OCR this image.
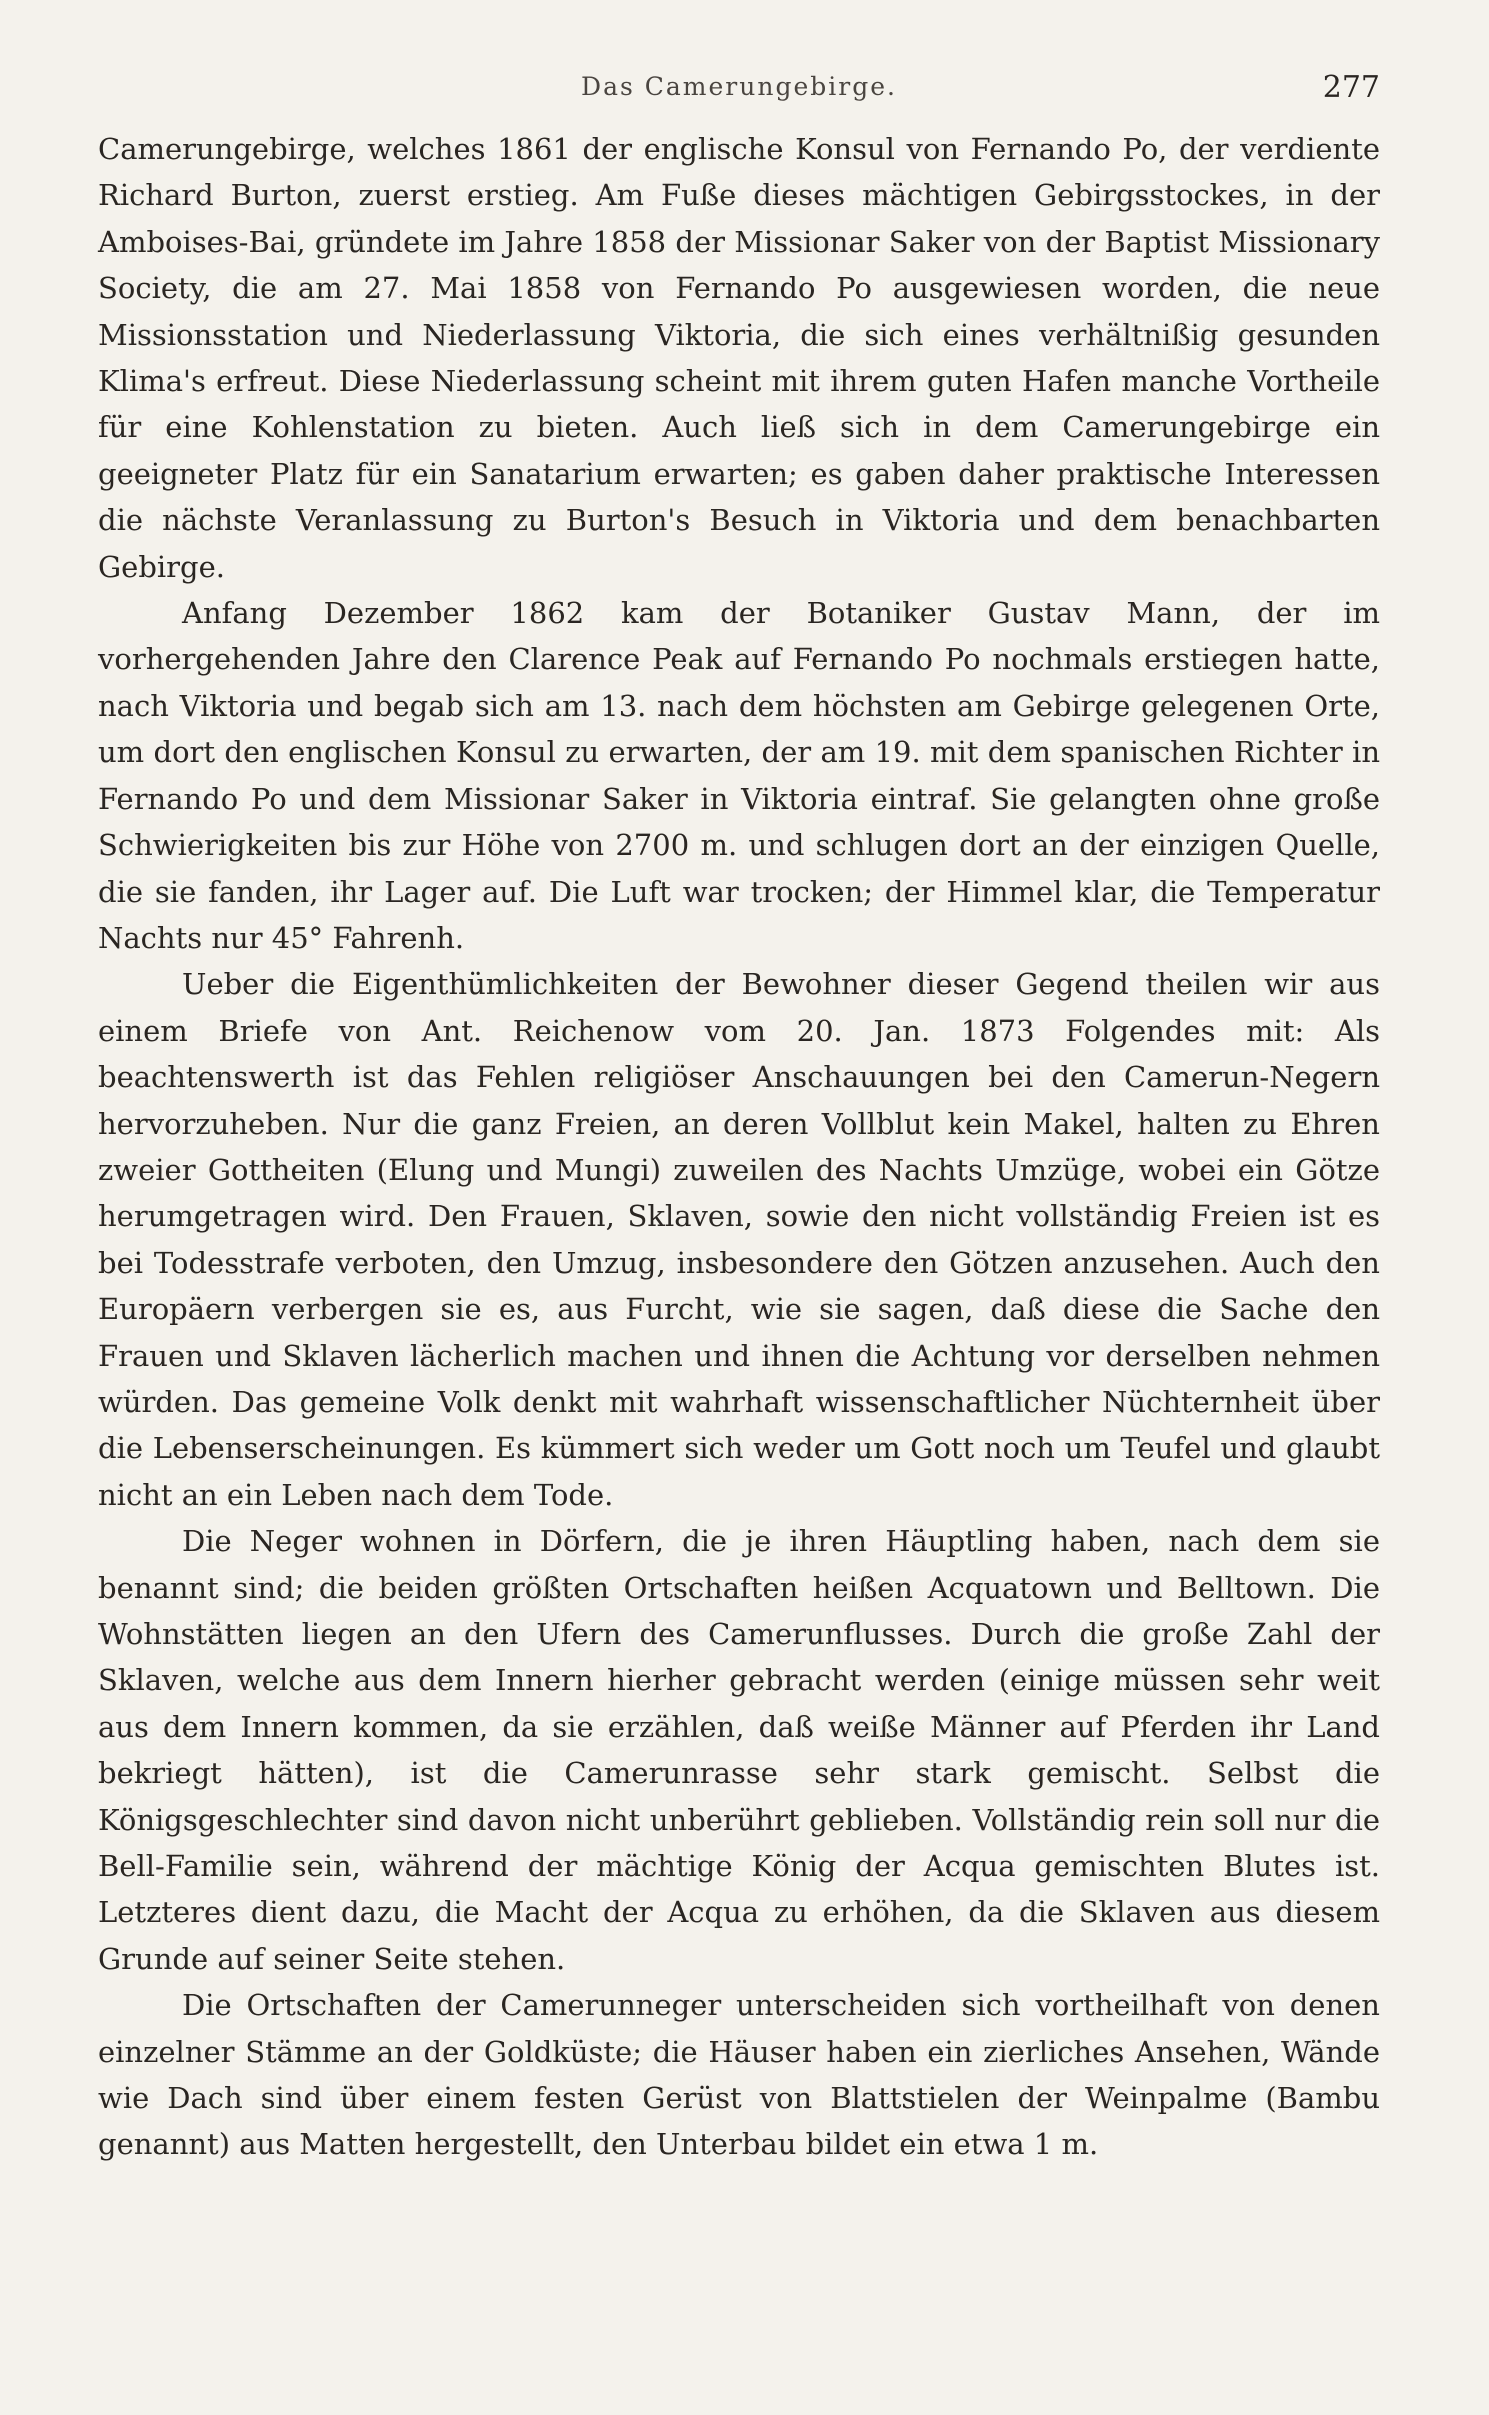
Das Camerungebirge.	277

Camerungebirge, welches 1861 der englische Konsul von Fernando Po, der verdiente Richard Burton, zuerst erstieg. Am Fuße dieses mächtigen Gebirgsstockes, in der Amboises-Bai, gründete im Jahre 1858 der Missionar Saker von der Baptist Missionary Society, die am 27. Mai 1858 von Fernando Po ausgewiesen worden, die neue Missionsstation und Niederlassung Viktoria, die sich eines verhältnißig gesunden Klima's erfreut. Diese Niederlassung scheint mit ihrem guten Hafen manche Vortheile für eine Kohlenstation zu bieten. Auch ließ sich in dem Camerungebirge ein geeigneter Platz für ein Sanatarium erwarten; es gaben daher praktische Interessen die nächste Veranlassung zu Burton's Besuch in Viktoria und dem benachbarten Gebirge.

Anfang Dezember 1862 kam der Botaniker Gustav Mann, der im vorhergehenden Jahre den Clarence Peak auf Fernando Po nochmals erstiegen hatte, nach Viktoria und begab sich am 13. nach dem höchsten am Gebirge gelegenen Orte, um dort den englischen Konsul zu erwarten, der am 19. mit dem spanischen Richter in Fernando Po und dem Missionar Saker in Viktoria eintraf. Sie gelangten ohne große Schwierigkeiten bis zur Höhe von 2700 m. und schlugen dort an der einzigen Quelle, die sie fanden, ihr Lager auf. Die Luft war trocken; der Himmel klar, die Temperatur Nachts nur 45° Fahrenh.

Ueber die Eigenthümlichkeiten der Bewohner dieser Gegend theilen wir aus einem Briefe von Ant. Reichenow vom 20. Jan. 1873 Folgendes mit: Als beachtenswerth ist das Fehlen religiöser Anschauungen bei den Camerun-Negern hervorzuheben. Nur die ganz Freien, an deren Vollblut kein Makel, halten zu Ehren zweier Gottheiten (Elung und Mungi) zuweilen des Nachts Umzüge, wobei ein Götze herumgetragen wird. Den Frauen, Sklaven, sowie den nicht vollständig Freien ist es bei Todesstrafe verboten, den Umzug, insbesondere den Götzen anzusehen. Auch den Europäern verbergen sie es, aus Furcht, wie sie sagen, daß diese die Sache den Frauen und Sklaven lächerlich machen und ihnen die Achtung vor derselben nehmen würden. Das gemeine Volk denkt mit wahrhaft wissenschaftlicher Nüchternheit über die Lebenserscheinungen. Es kümmert sich weder um Gott noch um Teufel und glaubt nicht an ein Leben nach dem Tode.

Die Neger wohnen in Dörfern, die je ihren Häuptling haben, nach dem sie benannt sind; die beiden größten Ortschaften heißen Acquatown und Belltown. Die Wohnstätten liegen an den Ufern des Camerunflusses. Durch die große Zahl der Sklaven, welche aus dem Innern hierher gebracht werden (einige müssen sehr weit aus dem Innern kommen, da sie erzählen, daß weiße Männer auf Pferden ihr Land bekriegt hätten), ist die Camerunrasse sehr stark gemischt. Selbst die Königsgeschlechter sind davon nicht unberührt geblieben. Vollständig rein soll nur die Bell-Familie sein, während der mächtige König der Acqua gemischten Blutes ist. Letzteres dient dazu, die Macht der Acqua zu erhöhen, da die Sklaven aus diesem Grunde auf seiner Seite stehen.

Die Ortschaften der Camerunneger unterscheiden sich vortheilhaft von denen einzelner Stämme an der Goldküste; die Häuser haben ein zierliches Ansehen, Wände wie Dach sind über einem festen Gerüst von Blattstielen der Weinpalme (Bambu genannt) aus Matten hergestellt, den Unterbau bildet ein etwa 1 m.
